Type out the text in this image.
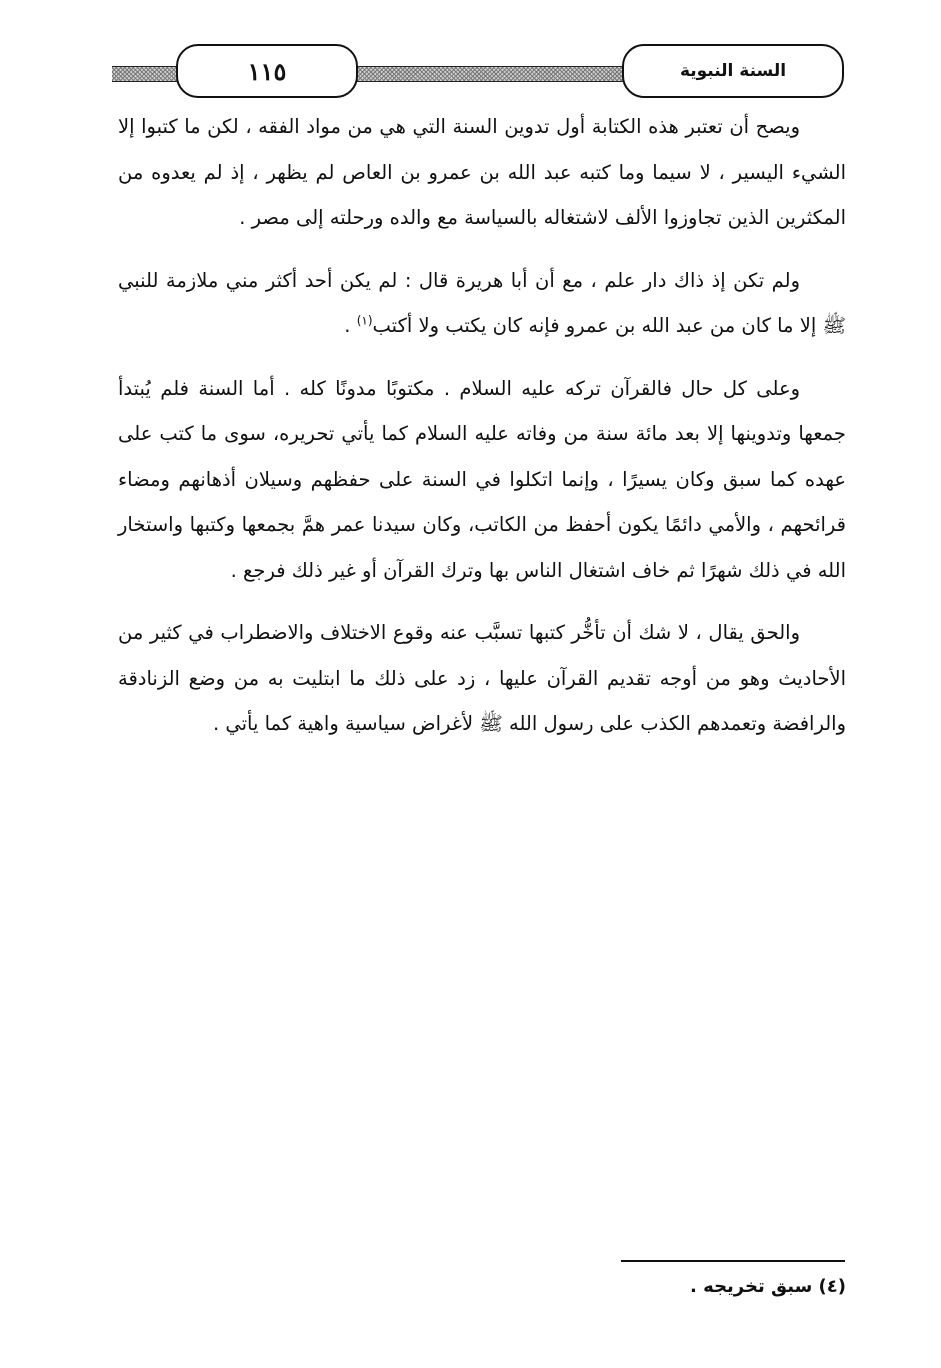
١١٥	السنة النبوية

ويصح أن تعتبر هذه الكتابة أول تدوين السنة التي هي من مواد الفقه ، لكن ما كتبوا إلا الشيء اليسير ، لا سيما وما كتبه عبد الله بن عمرو بن العاص لم يظهر ، إذ لم يعدوه من المكثرين الذين تجاوزوا الألف لاشتغاله بالسياسة مع والده ورحلته إلى مصر .

ولم تكن إذ ذاك دار علم ، مع أن أبا هريرة قال : لم يكن أحد أكثر مني ملازمة للنبي ﷺ إلا ما كان من عبد الله بن عمرو فإنه كان يكتب ولا أكتب$^{(١)}$ .

وعلى كل حال فالقرآن تركه عليه السلام . مكتوبًا مدونًا كله . أما السنة فلم يُبتدأ جمعها وتدوينها إلا بعد مائة سنة من وفاته عليه السلام كما يأتي تحريره، سوى ما كتب على عهده كما سبق وكان يسيرًا ، وإنما اتكلوا في السنة على حفظهم وسيلان أذهانهم ومضاء قرائحهم ، والأمي دائمًا يكون أحفظ من الكاتب، وكان سيدنا عمر همَّ بجمعها وكتبها واستخار الله في ذلك شهرًا ثم خاف اشتغال الناس بها وترك القرآن أو غير ذلك فرجع .

والحق يقال ، لا شك أن تأخُّر كتبها تسبَّب عنه وقوع الاختلاف والاضطراب في كثير من الأحاديث وهو من أوجه تقديم القرآن عليها ، زد على ذلك ما ابتليت به من وضع الزنادقة والرافضة وتعمدهم الكذب على رسول الله ﷺ لأغراض سياسية واهية كما يأتي .

(٤) سبق تخريجه .
